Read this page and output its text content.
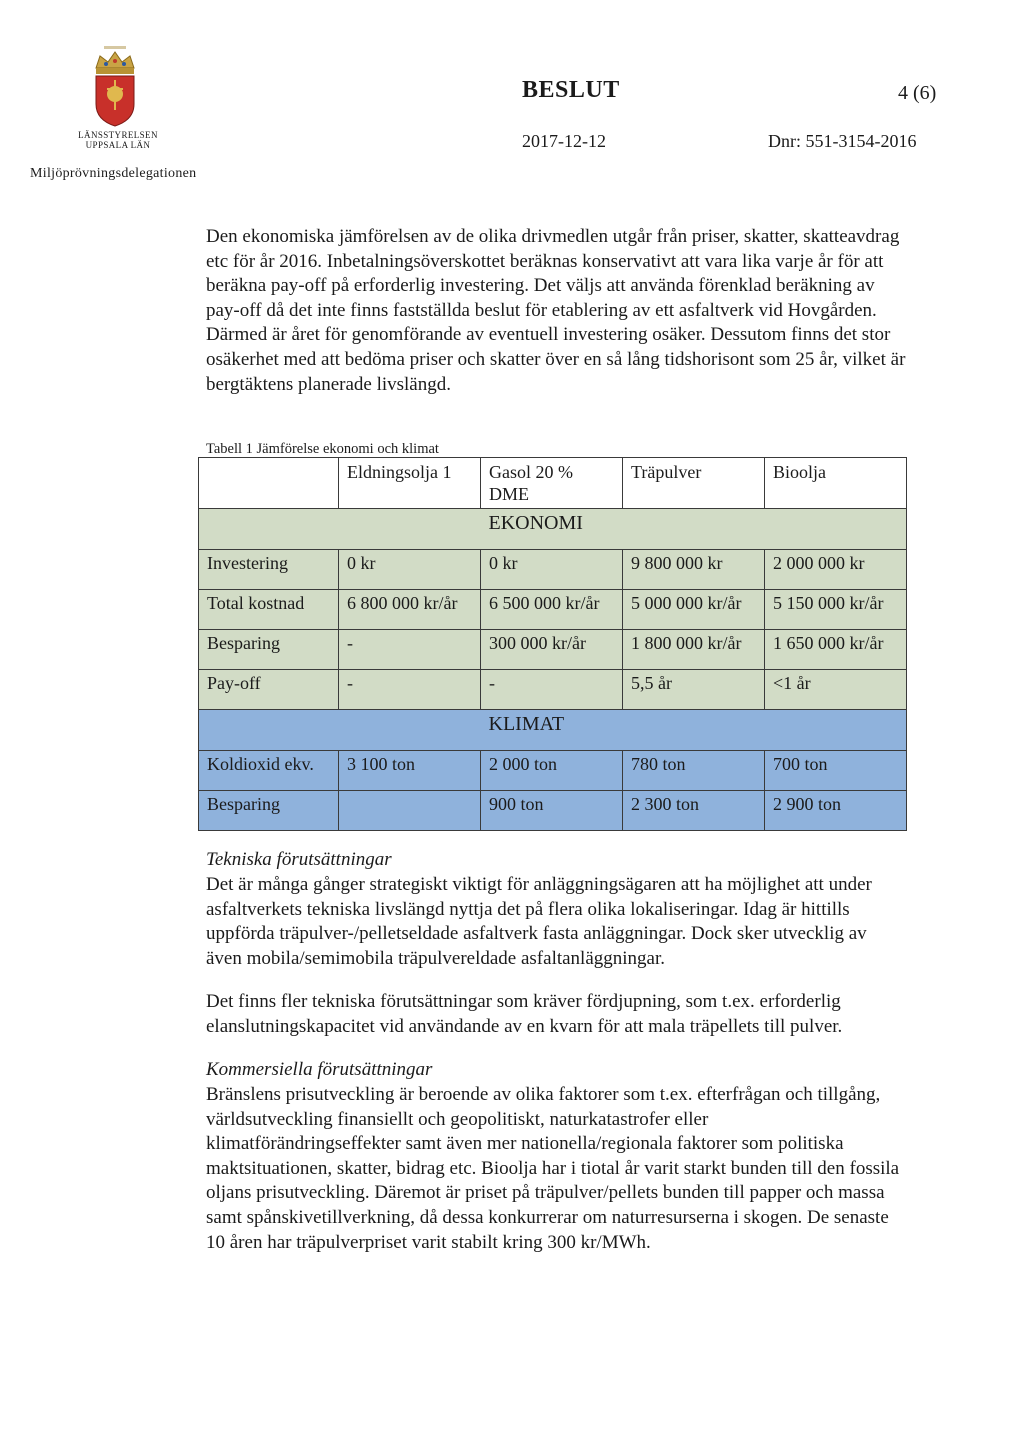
LÄNSSTYRELSEN
UPPSALA LÄN
Miljöprövningsdelegationen
BESLUT	4 (6)
2017-12-12	Dnr: 551-3154-2016

Den ekonomiska jämförelsen av de olika drivmedlen utgår från priser, skatter, skatteavdrag etc för år 2016. Inbetalningsöverskottet beräknas konservativt att vara lika varje år för att beräkna pay-off på erforderlig investering. Det väljs att använda förenklad beräkning av pay-off då det inte finns fastställda beslut för etablering av ett asfaltverk vid Hovgården. Därmed är året för genomförande av eventuell investering osäker. Dessutom finns det stor osäkerhet med att bedöma priser och skatter över en så lång tidshorisont som 25 år, vilket är bergtäktens planerade livslängd.

Tabell 1 Jämförelse ekonomi och klimat
	Eldningsolja 1	Gasol 20 % DME	Träpulver	Bioolja
	EKONOMI			
Investering	0 kr	0 kr	9 800 000 kr	2 000 000 kr
Total kostnad	6 800 000 kr/år	6 500 000 kr/år	5 000 000 kr/år	5 150 000 kr/år
Besparing	-	300 000 kr/år	1 800 000 kr/år	1 650 000 kr/år
Pay-off	-	-	5,5 år	<1 år
	KLIMAT			
Koldioxid ekv.	3 100 ton	2 000 ton	780 ton	700 ton
Besparing		900 ton	2 300 ton	2 900 ton
Tekniska förutsättningar

Det är många gånger strategiskt viktigt för anläggningsägaren att ha möjlighet att under asfaltverkets tekniska livslängd nyttja det på flera olika lokaliseringar. Idag är hittills uppförda träpulver-/pelletseldade asfaltverk fasta anläggningar. Dock sker utvecklig av även mobila/semimobila träpulvereldade asfaltanläggningar.

Det finns fler tekniska förutsättningar som kräver fördjupning, som t.ex. erforderlig elanslutningskapacitet vid användande av en kvarn för att mala träpellets till pulver.

Kommersiella förutsättningar

Bränslens prisutveckling är beroende av olika faktorer som t.ex. efterfrågan och tillgång, världsutveckling finansiellt och geopolitiskt, naturkatastrofer eller klimatförändringseffekter samt även mer nationella/regionala faktorer som politiska maktsituationen, skatter, bidrag etc. Bioolja har i tiotal år varit starkt bunden till den fossila oljans prisutveckling. Däremot är priset på träpulver/pellets bunden till papper och massa samt spånskivetillverkning, då dessa konkurrerar om naturresurserna i skogen. De senaste 10 åren har träpulverpriset varit stabilt kring 300 kr/MWh.
